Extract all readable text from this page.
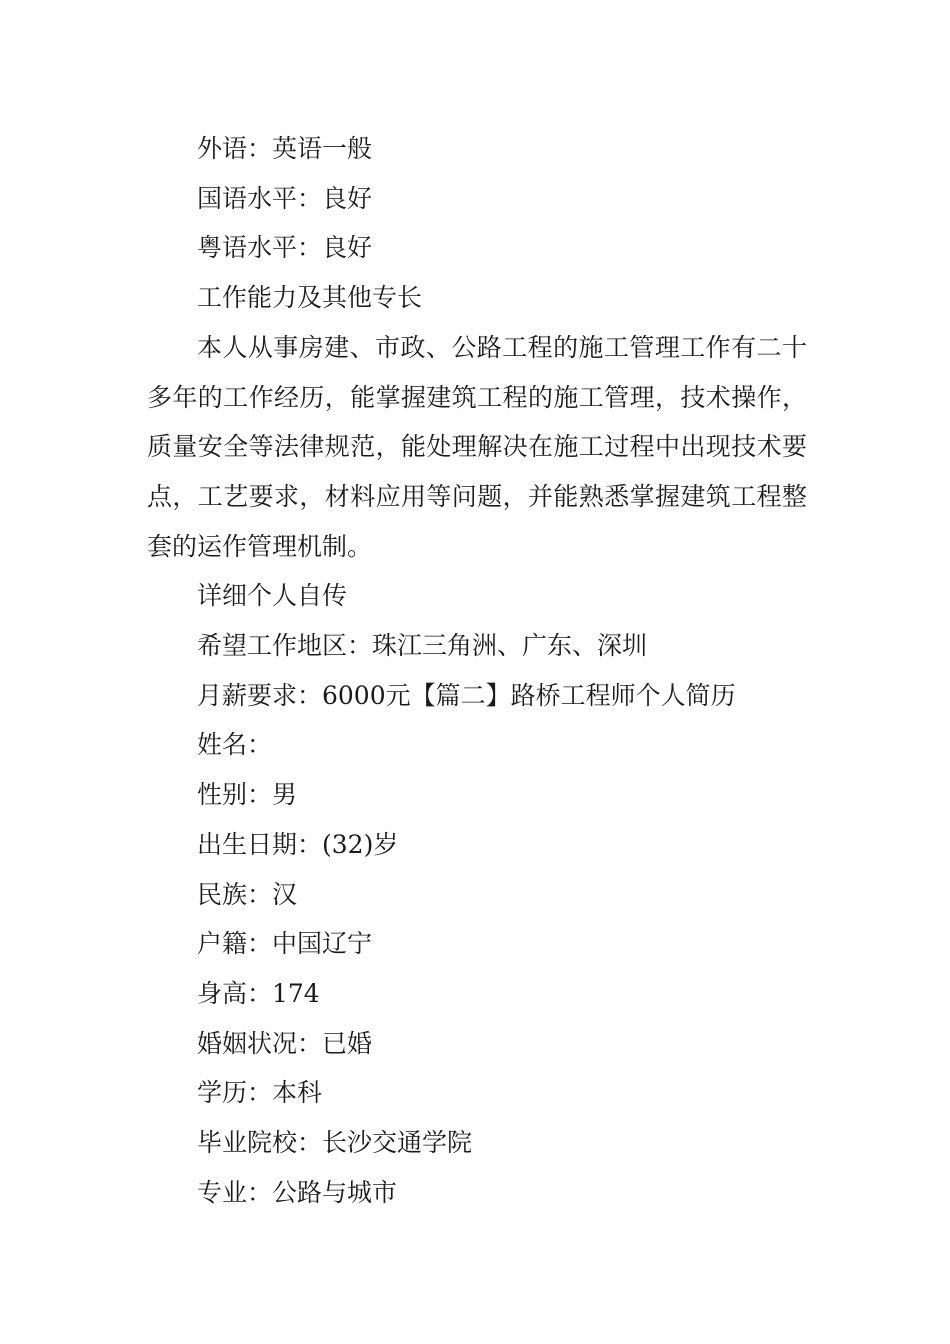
外语：英语一般

国语水平：良好

粤语水平：良好

工作能力及其他专长

本人从事房建、市政、公路工程的施工管理工作有二十多年的工作经历，能掌握建筑工程的施工管理，技术操作，质量安全等法律规范，能处理解决在施工过程中出现技术要点，工艺要求，材料应用等问题，并能熟悉掌握建筑工程整套的运作管理机制。

详细个人自传

希望工作地区：珠江三角洲、广东、深圳

月薪要求：6000元【篇二】路桥工程师个人简历

姓名：

性别：男

出生日期：(32)岁

民族：汉

户籍：中国辽宁

身高：174

婚姻状况：已婚

学历：本科

毕业院校：长沙交通学院

专业：公路与城市
